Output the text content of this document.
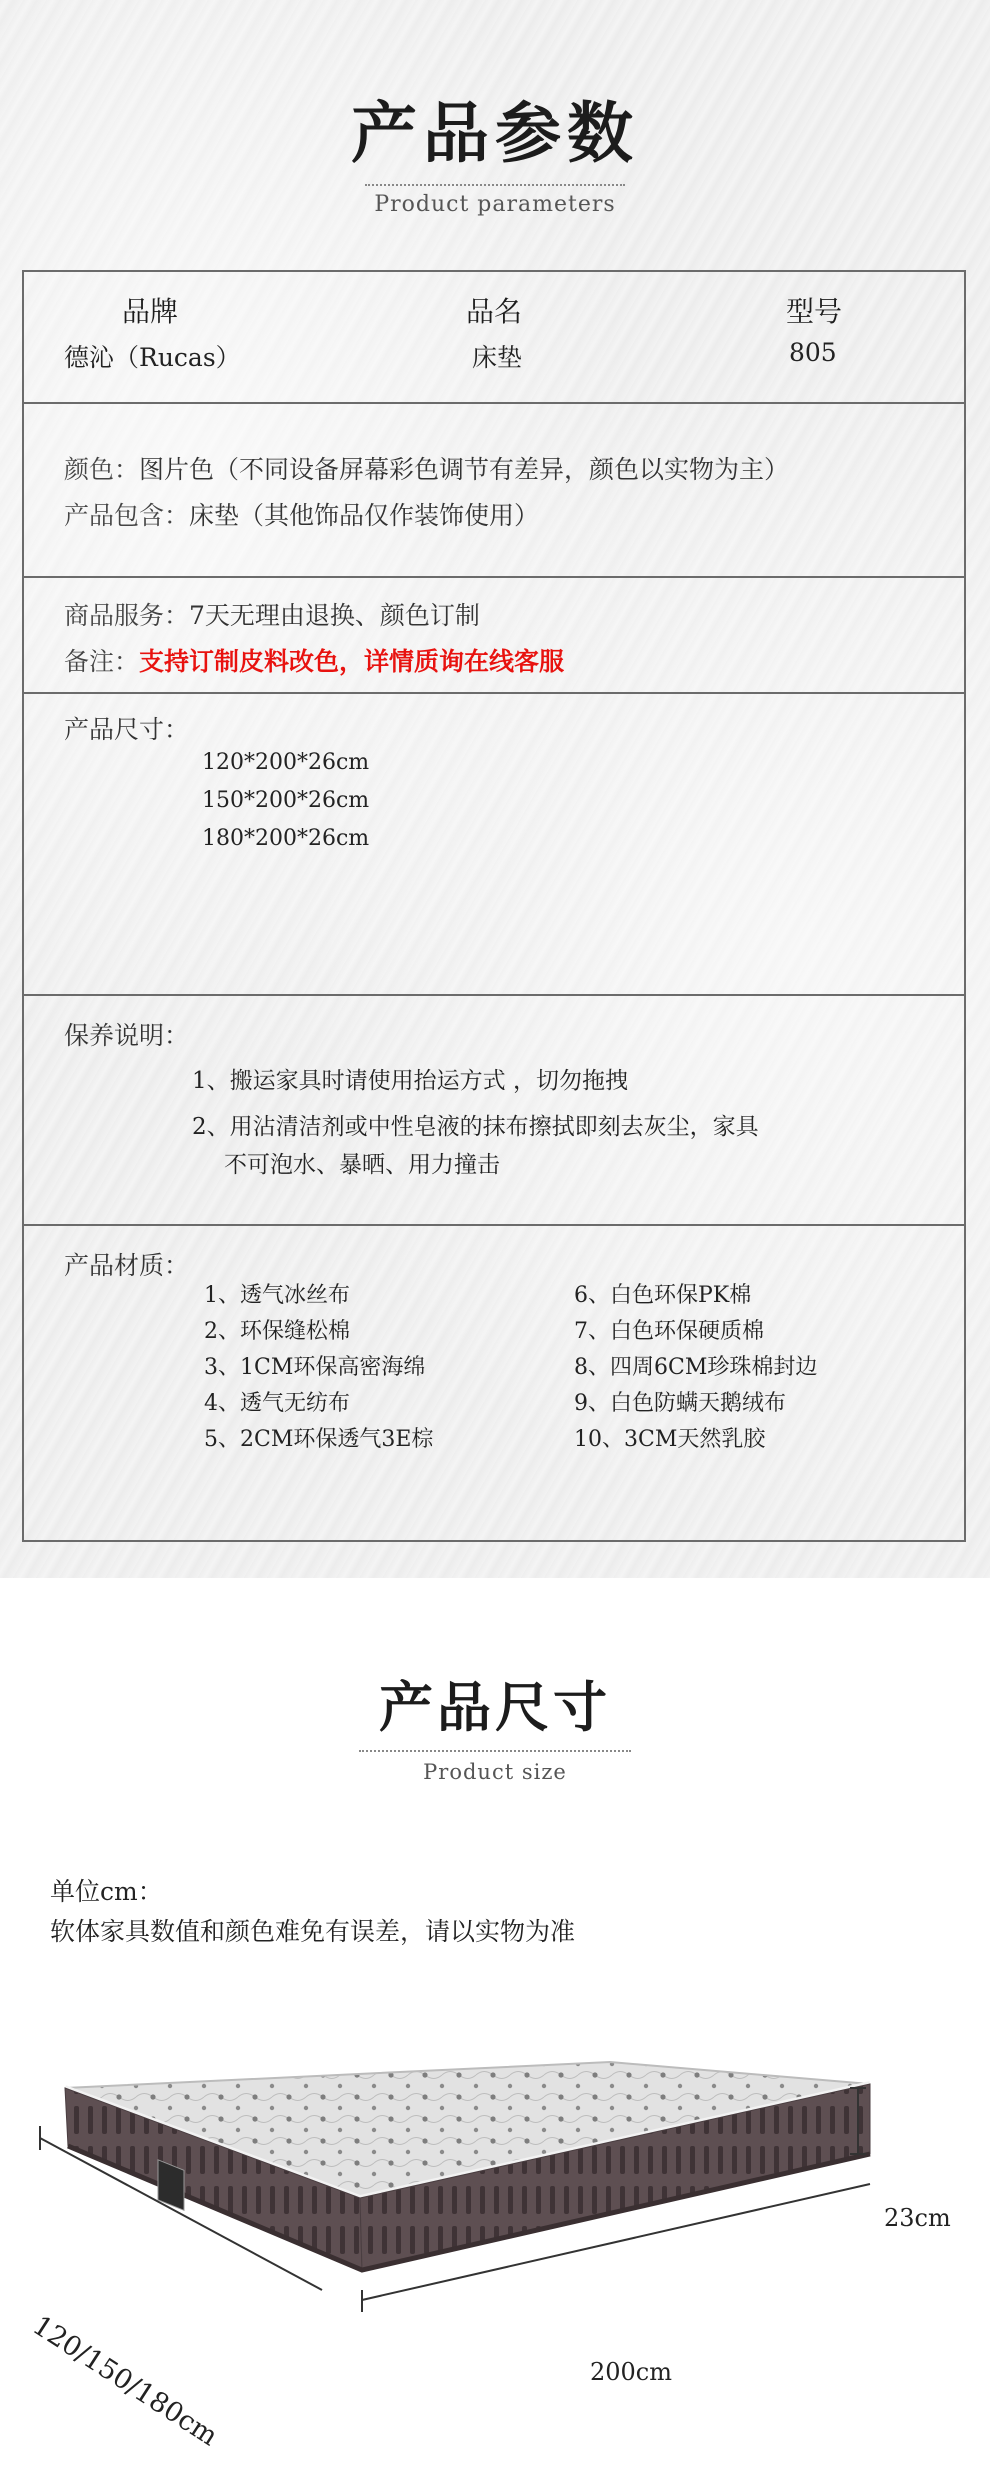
产品参数
Product parameters
品牌
德沁（Rucas）
品名
床垫
型号
805
颜色：图片色（不同设备屏幕彩色调节有差异，颜色以实物为主）
产品包含：床垫（其他饰品仅作装饰使用）
商品服务：7天无理由退换、颜色订制
备注：支持订制皮料改色，详情质询在线客服
产品尺寸：
120*200*26cm
150*200*26cm
180*200*26cm
保养说明：
1、搬运家具时请使用抬运方式 ，切勿拖拽
2、用沾清洁剂或中性皂液的抹布擦拭即刻去灰尘，家具
不可泡水、暴晒、用力撞击
产品材质：
1、透气冰丝布
2、环保缝松棉
3、1CM环保高密海绵
4、透气无纺布
5、2CM环保透气3E棕
6、白色环保PK棉
7、白色环保硬质棉
8、四周6CM珍珠棉封边
9、白色防螨天鹅绒布
10、3CM天然乳胶
产品尺寸
Product size
单位cm：
软体家具数值和颜色难免有误差，请以实物为准
23cm
200cm
120/150/180cm
